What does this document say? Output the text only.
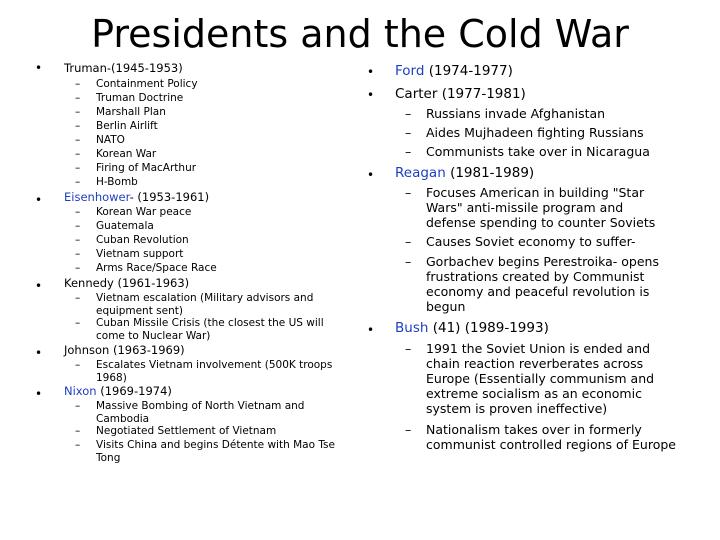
Presidents and the Cold War
• Truman-(1945-1953)
– Containment Policy
– Truman Doctrine
– Marshall Plan
– Berlin Airlift
– NATO
– Korean War
– Firing of MacArthur
– H-Bomb
• Eisenhower- (1953-1961)
– Korean War peace
– Guatemala
– Cuban Revolution
– Vietnam support
– Arms Race/Space Race
• Kennedy (1961-1963)
– Vietnam escalation (Military advisors and equipment sent)
– Cuban Missile Crisis (the closest the US will come to Nuclear War)
• Johnson (1963-1969)
– Escalates Vietnam involvement (500K troops 1968)
• Nixon (1969-1974)
– Massive Bombing of North Vietnam and Cambodia
– Negotiated Settlement of Vietnam
– Visits China and begins Détente with Mao Tse Tong
• Ford (1974-1977)
• Carter (1977-1981)
– Russians invade Afghanistan
– Aides Mujhadeen fighting Russians
– Communists take over in Nicaragua
• Reagan (1981-1989)
– Focuses American in building "Star Wars" anti-missile program and defense spending to counter Soviets
– Causes Soviet economy to suffer-
– Gorbachev begins Perestroika- opens frustrations created by Communist economy and peaceful revolution is begun
• Bush (41) (1989-1993)
– 1991 the Soviet Union is ended and chain reaction reverberates across Europe (Essentially communism and extreme socialism as an economic system is proven ineffective)
– Nationalism takes over in formerly communist controlled regions of Europe
